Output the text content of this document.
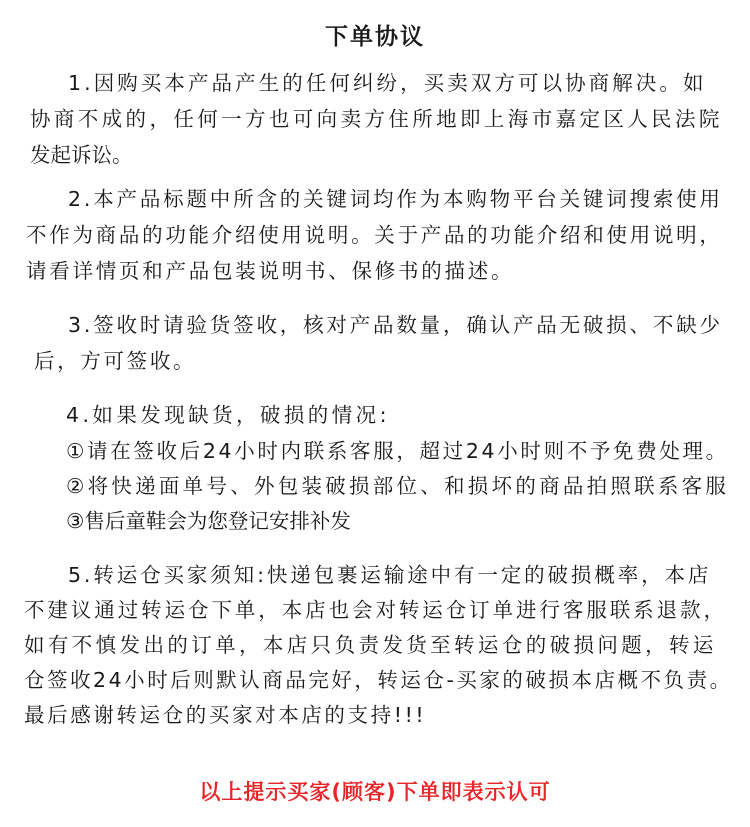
下单协议
1.因购买本产品产生的任何纠纷，买卖双方可以协商解决。如
协商不成的，任何一方也可向卖方住所地即上海市嘉定区人民法院
发起诉讼。
2.本产品标题中所含的关键词均作为本购物平台关键词搜索使用
不作为商品的功能介绍使用说明。关于产品的功能介绍和使用说明，
请看详情页和产品包装说明书、保修书的描述。
3.签收时请验货签收，核对产品数量，确认产品无破损、不缺少
后，方可签收。
4.如果发现缺货，破损的情况:
①请在签收后24小时内联系客服，超过24小时则不予免费处理。
②将快递面单号、外包装破损部位、和损坏的商品拍照联系客服
③售后童鞋会为您登记安排补发
5.转运仓买家须知:快递包裹运输途中有一定的破损概率，本店
不建议通过转运仓下单，本店也会对转运仓订单进行客服联系退款，
如有不慎发出的订单，本店只负责发货至转运仓的破损问题，转运
仓签收24小时后则默认商品完好，转运仓-买家的破损本店概不负责。
最后感谢转运仓的买家对本店的支持!!!
以上提示买家(顾客)下单即表示认可
